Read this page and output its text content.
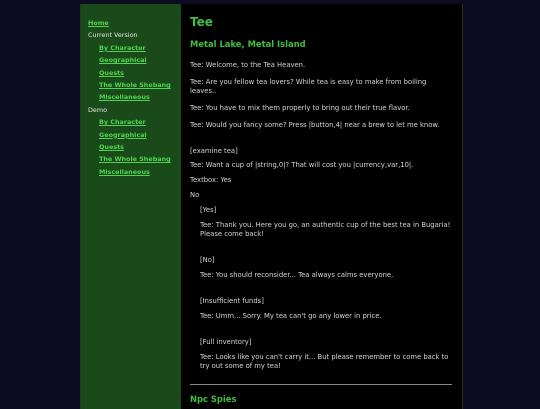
Home
Current Version
By Character
Geographical
Quests
The Whole Shebang
Miscellaneous
Demo
By Character
Geographical
Quests
The Whole Shebang
Miscellaneous
Tee
Metal Lake, Metal Island

Tee: Welcome, to the Tea Heaven.

Tee: Are you fellow tea lovers? While tea is easy to make from boiling leaves..

Tee: You have to mix them properly to bring out their true flavor.

Tee: Would you fancy some? Press |button,4| near a brew to let me know.

[examine tea]

Tee: Want a cup of |string,0|? That will cost you |currency,var,10|.

Textbox: Yes

No

[Yes]

Tee: Thank you. Here you go, an authentic cup of the best tea in Bugaria! Please come back!

[No]

Tee: You should reconsider... Tea always calms everyone.

[Insufficient funds]

Tee: Umm... Sorry. My tea can't go any lower in price.

[Full inventory]

Tee: Looks like you can't carry it... But please remember to come back to try out some of my tea!

Npc Spies
